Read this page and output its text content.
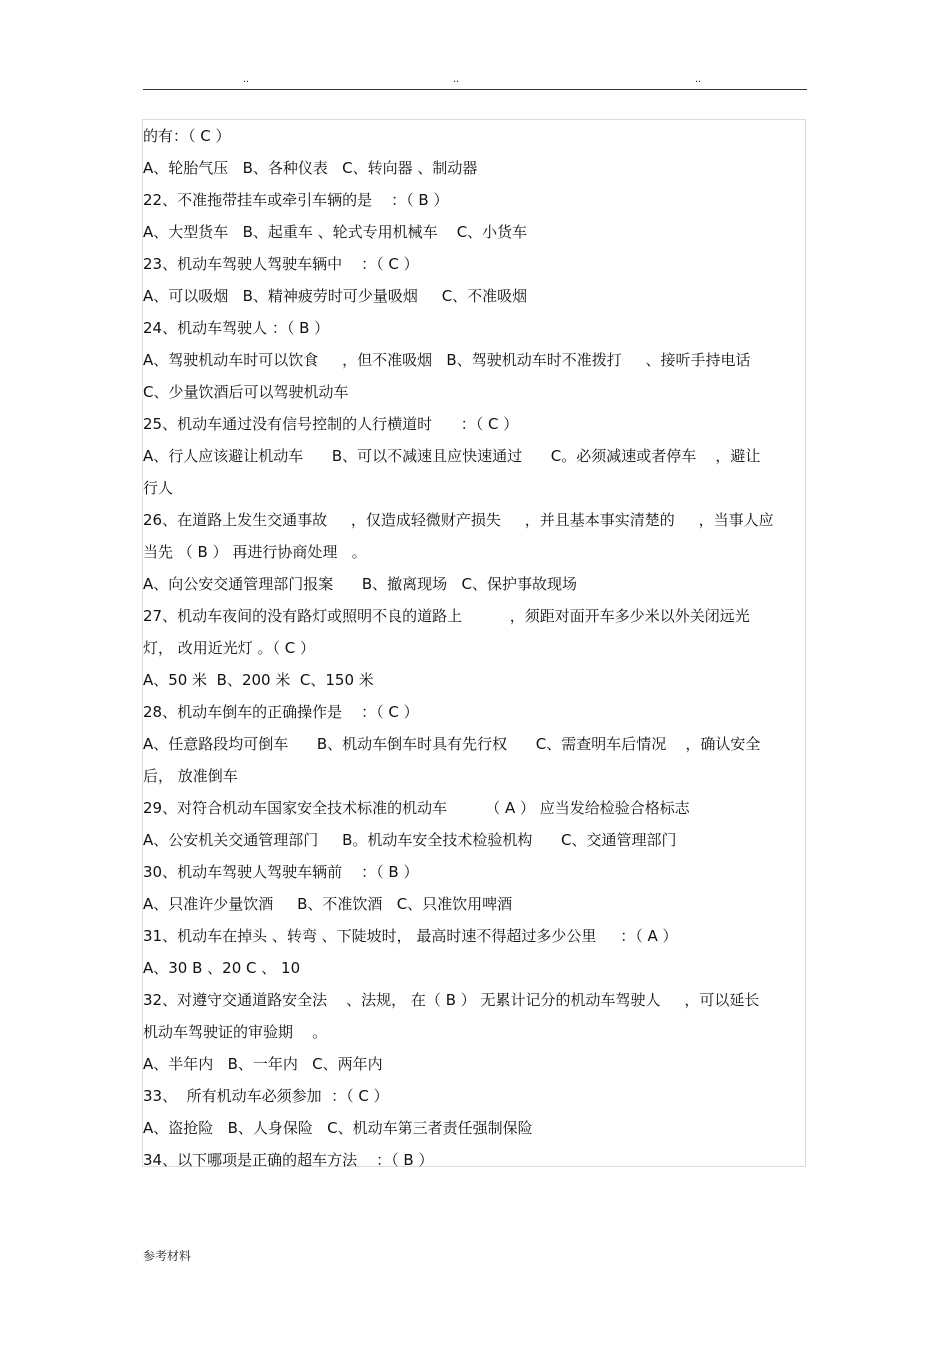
..	..	..
的有：（ C ）
A、轮胎气压   B、各种仪表   C、转向器 、制动器
22、不准拖带挂车或牵引车辆的是    ：（ B ）
A、大型货车   B、起重车 、轮式专用机械车    C、小货车
23、机动车驾驶人驾驶车辆中    ：（ C ）
A、可以吸烟   B、精神疲劳时可少量吸烟     C、不准吸烟
24、机动车驾驶人 ：（ B ）
A、驾驶机动车时可以饮食     ，但不准吸烟   B、驾驶机动车时不准拨打     、接听手持电话
C、少量饮酒后可以驾驶机动车
25、机动车通过没有信号控制的人行横道时      ：（ C ）
A、行人应该避让机动车      B、可以不减速且应快速通过      C。必须减速或者停车    ，避让
行人
26、在道路上发生交通事故     ，仅造成轻微财产损失     ，并且基本事实清楚的     ，当事人应
当先 （ B ） 再进行协商处理   。
A、向公安交通管理部门报案      B、撤离现场   C、保护事故现场
27、机动车夜间的没有路灯或照明不良的道路上          ，须距对面开车多少米以外关闭远光
灯， 改用近光灯 。（ C ）
A、50 米  B、200 米  C、150 米
28、机动车倒车的正确操作是    ：（ C ）
A、任意路段均可倒车      B、机动车倒车时具有先行权      C、需查明车后情况    ，确认安全
后， 放准倒车
29、对符合机动车国家安全技术标准的机动车        （ A ） 应当发给检验合格标志
A、公安机关交通管理部门     B。机动车安全技术检验机构      C、交通管理部门
30、机动车驾驶人驾驶车辆前    ：（ B ）
A、只准许少量饮酒     B、不准饮酒   C、只准饮用啤酒
31、机动车在掉头 、转弯 、下陡坡时， 最高时速不得超过多少公里     ：（ A ）
A、30 B 、20 C 、 10
32、对遵守交通道路安全法    、法规， 在（ B ） 无累计记分的机动车驾驶人     ，可以延长
机动车驾驶证的审验期    。
A、半年内   B、一年内   C、两年内
33、  所有机动车必须参加  ：（ C ）
A、盗抢险   B、人身保险   C、机动车第三者责任强制保险
34、以下哪项是正确的超车方法    ：（ B ）
参考材料
